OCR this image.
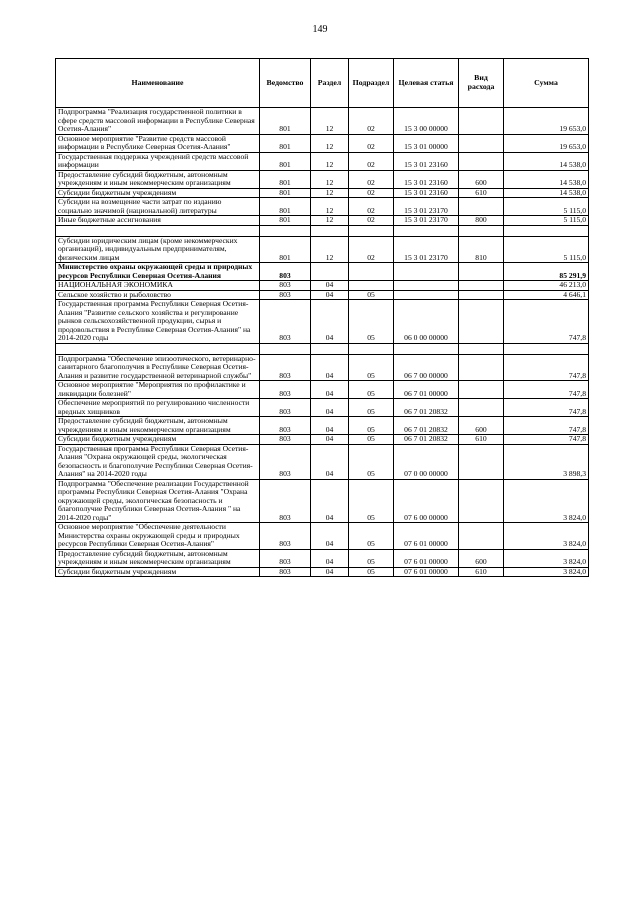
149
Наименование	Ведомство	Раздел	Подраздел	Целевая статья	Вид расхода	Сумма
Подпрограмма "Реализация государственной политики в сфере средств массовой информации в Республике Северная Осетия-Алания"	801	12	02	15 3 00 00000		19 653,0
Основное мероприятие "Развитие средств массовой информации в Республике Северная Осетия-Алания"	801	12	02	15 3 01 00000		19 653,0
Государственная поддержка учреждений средств массовой информации	801	12	02	15 3 01 23160		14 538,0
Предоставление субсидий бюджетным, автономным учреждениям и иным некоммерческим организациям	801	12	02	15 3 01 23160	600	14 538,0
Субсидии бюджетным учреждениям	801	12	02	15 3 01 23160	610	14 538,0
Субсидии на возмещение части затрат по изданию социально значимой (национальной) литературы	801	12	02	15 3 01 23170		5 115,0
Иные бюджетные ассигнования	801	12	02	15 3 01 23170	800	5 115,0

Субсидии юридическим лицам (кроме некоммерческих организаций), индивидуальным предпринимателям, физическим лицам	801	12	02	15 3 01 23170	810	5 115,0
Министерство охраны окружающей среды и природных ресурсов Республики Северная Осетия-Алания	803					85 291,9
НАЦИОНАЛЬНАЯ ЭКОНОМИКА	803	04				46 213,0
Сельское хозяйство и рыболовство	803	04	05			4 646,1
Государственная программа Республики Северная Осетия-Алания "Развитие сельского хозяйства и регулирование рынков сельскохозяйственной продукции, сырья и продовольствия в Республике Северная Осетия-Алания" на 2014-2020 годы	803	04	05	06 0 00 00000		747,8

Подпрограмма "Обеспечение эпизоотического, ветеринарно-санитарного благополучия в Республике Северная Осетия-Алания и развитие государственной ветеринарной службы"	803	04	05	06 7 00 00000		747,8
Основное мероприятие "Мероприятия по профилактике и ликвидации болезней"	803	04	05	06 7 01 00000		747,8
Обеспечение мероприятий по регулированию численности вредных хищников	803	04	05	06 7 01 20832		747,8
Предоставление субсидий бюджетным, автономным учреждениям и иным некоммерческим организациям	803	04	05	06 7 01 20832	600	747,8
Субсидии бюджетным учреждениям	803	04	05	06 7 01 20832	610	747,8
Государственная программа Республики Северная Осетия-Алания "Охрана окружающей среды, экологическая безопасность и благополучие Республики Северная Осетия-Алания" на 2014-2020 годы	803	04	05	07 0 00 00000		3 898,3
Подпрограмма "Обеспечение реализации Государственной программы Республики Северная Осетия-Алания "Охрана окружающей среды, экологическая безопасность и благополучие Республики Северная Осетия-Алания " на 2014-2020 годы"	803	04	05	07 6 00 00000		3 824,0
Основное мероприятие "Обеспечение деятельности Министерства охраны окружающей среды и природных ресурсов Республики Северная Осетия-Алания"	803	04	05	07 6 01 00000		3 824,0
Предоставление субсидий бюджетным, автономным учреждениям и иным некоммерческим организациям	803	04	05	07 6 01 00000	600	3 824,0
Субсидии бюджетным учреждениям	803	04	05	07 6 01 00000	610	3 824,0
